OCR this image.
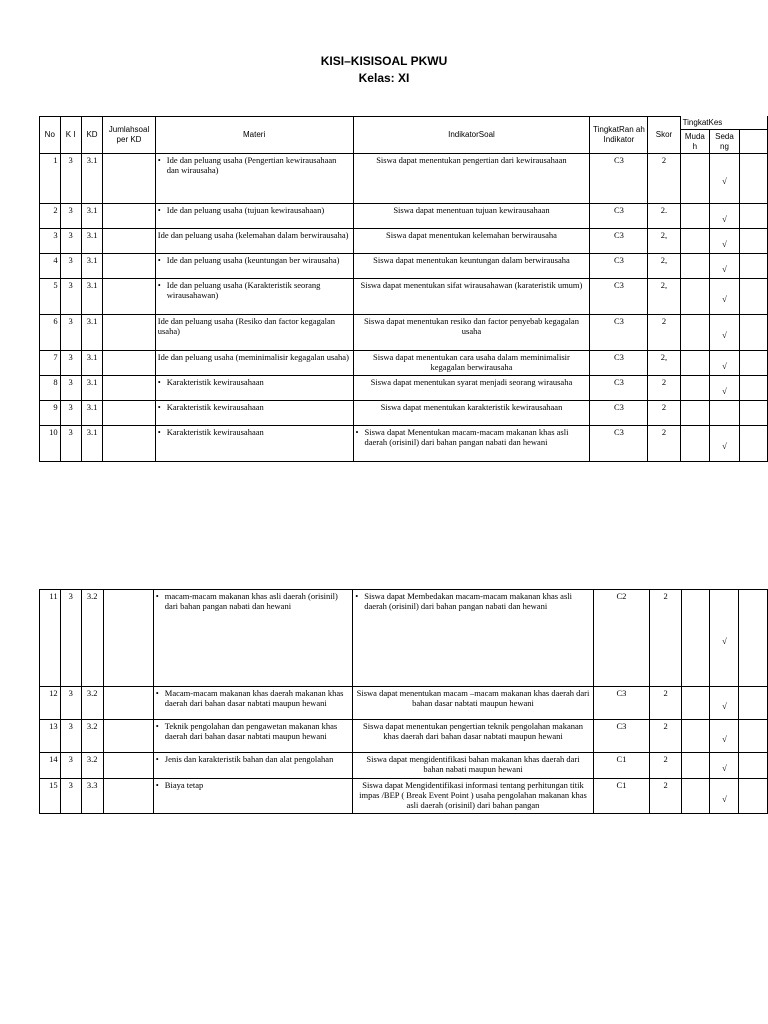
KISI–KISISOAL PKWU
Kelas: XI
No	K I	KD	Jumlahsoal per KD	Materi	IndikatorSoal	TingkatRan ah Indikator	Skor	TingkatKes		
								Muda h	Seda ng	
1	3	3.1		• Ide dan peluang usaha (Pengertian kewirausahaan dan wirausaha)	Siswa dapat menentukan pengertian dari kewirausahaan	C3	2		√	
2	3	3.1		• Ide dan peluang usaha (tujuan kewirausahaan)	Siswa dapat menentuan tujuan kewirausahaan	C3	2.		√	
3	3	3.1		Ide dan peluang usaha (kelemahan dalam berwirausaha)	Siswa dapat menentukan kelemahan berwirausaha	C3	2,		√	
4	3	3.1		• Ide dan peluang usaha (keuntungan ber wirausaha)	Siswa dapat menentukan keuntungan dalam berwirausaha	C3	2,		√	
5	3	3.1		• Ide dan peluang usaha (Karakteristik seorang wirausahawan)	Siswa dapat menentukan sifat wirausahawan (karateristik umum)	C3	2,		√	
6	3	3.1		Ide dan peluang usaha (Resiko dan factor kegagalan usaha)	Siswa dapat menentukan resiko dan factor penyebab kegagalan usaha	C3	2		√	
7	3	3.1		Ide dan peluang usaha (meminimalisir kegagalan usaha)	Siswa dapat menentukan cara usaha dalam meminimalisir kegagalan berwirausaha	C3	2,		√	
8	3	3.1		• Karakteristik kewirausahaan	Siswa dapat menentukan syarat menjadi seorang wirausaha	C3	2		√	
9	3	3.1		• Karakteristik kewirausahaan	Siswa dapat menentukan karakteristik kewirausahaan	C3	2			
10	3	3.1		• Karakteristik kewirausahaan	• Siswa dapat Menentukan macam-macam makanan khas asli daerah (orisinil) dari bahan pangan nabati dan hewani	C3	2		√	
11	3	3.2		• macam-macam makanan khas asli daerah (orisinil) dari bahan pangan nabati dan hewani	• Siswa dapat Membedakan macam-macam makanan khas asli daerah (orisinil) dari bahan pangan nabati dan hewani	C2	2		√	
12	3	3.2		• Macam-macam makanan khas daerah makanan khas daerah dari bahan dasar nabtati maupun hewani	Siswa dapat menentukan macam –macam makanan khas daerah dari bahan dasar nabtati maupun hewani	C3	2		√	
13	3	3.2		• Teknik pengolahan dan pengawetan makanan khas daerah dari bahan dasar nabtati maupun hewani	Siswa dapat menentukan pengertian teknik pengolahan makanan khas daerah dari bahan dasar nabtati maupun hewani	C3	2		√	
14	3	3.2		• Jenis dan karakteristik bahan dan alat pengolahan	Siswa dapat mengidentifikasi bahan makanan khas daerah dari bahan nabati maupun hewani	C1	2		√	
15	3	3.3		• Biaya tetap	Siswa dapat Mengidentifikasi informasi tentang perhitungan titik impas /BEP ( Break Event Point ) usaha pengolahan makanan khas asli daerah (orisinil) dari bahan pangan	C1	2		√	
